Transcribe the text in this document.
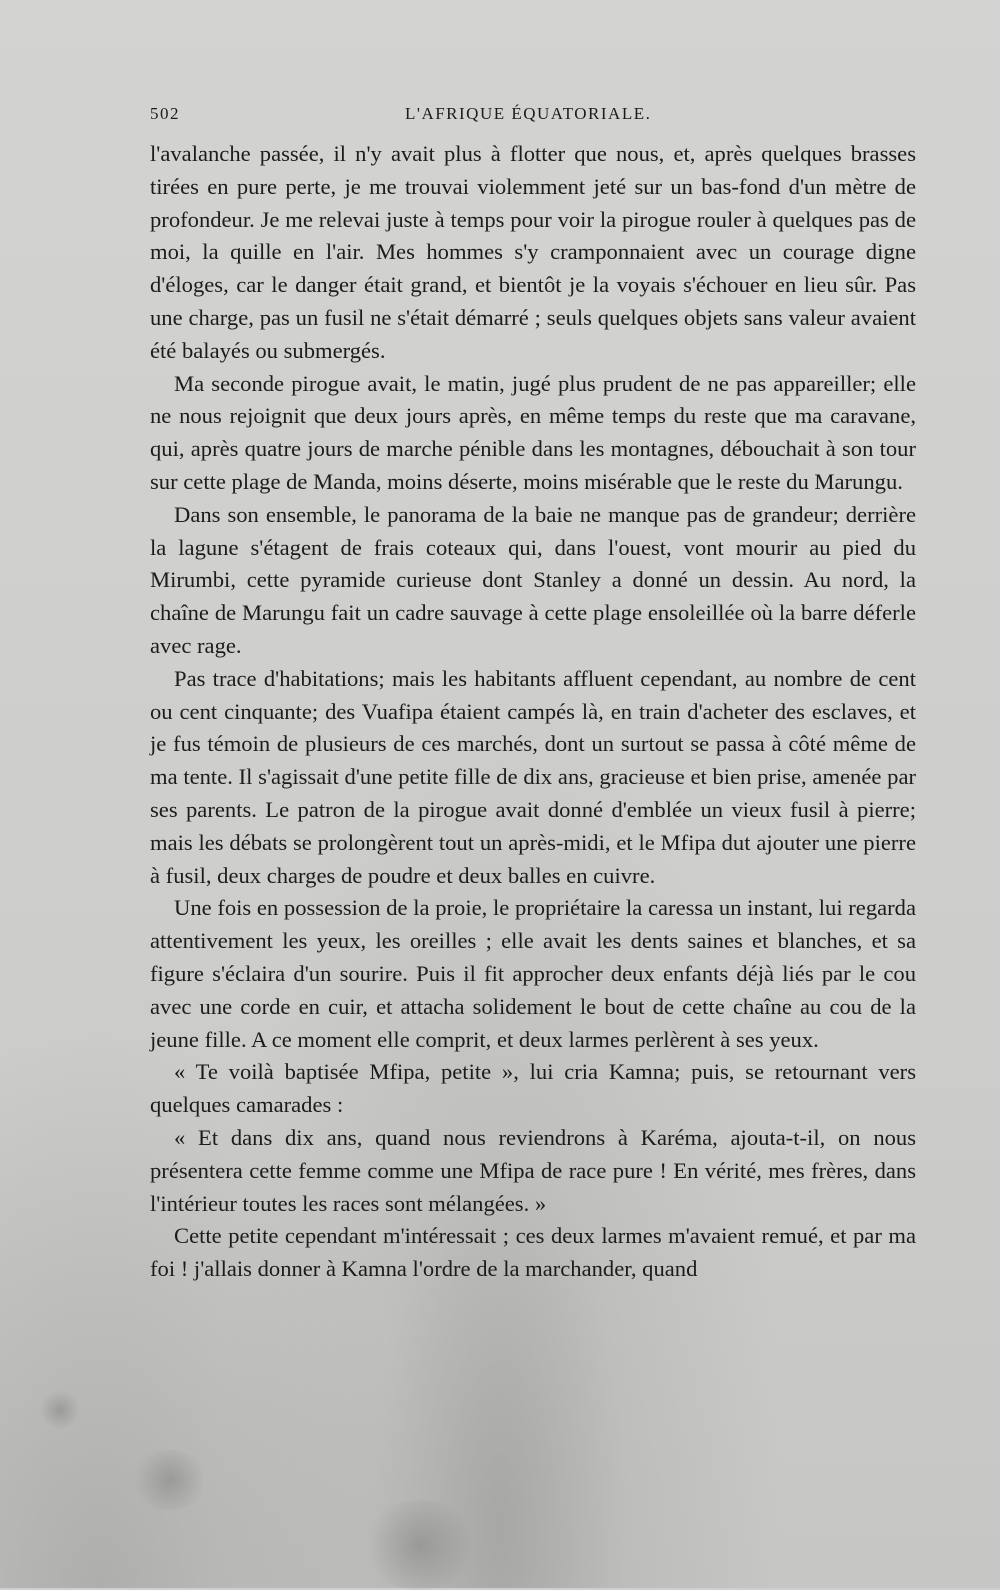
502	L'AFRIQUE ÉQUATORIALE.

l'avalanche passée, il n'y avait plus à flotter que nous, et, après quelques brasses tirées en pure perte, je me trouvai violemment jeté sur un bas-fond d'un mètre de profondeur. Je me relevai juste à temps pour voir la pirogue rouler à quelques pas de moi, la quille en l'air. Mes hommes s'y cramponnaient avec un courage digne d'éloges, car le danger était grand, et bientôt je la voyais s'échouer en lieu sûr. Pas une charge, pas un fusil ne s'était démarré ; seuls quelques objets sans valeur avaient été balayés ou submergés.

Ma seconde pirogue avait, le matin, jugé plus prudent de ne pas appareiller; elle ne nous rejoignit que deux jours après, en même temps du reste que ma caravane, qui, après quatre jours de marche pénible dans les montagnes, débouchait à son tour sur cette plage de Manda, moins déserte, moins misérable que le reste du Marungu.

Dans son ensemble, le panorama de la baie ne manque pas de grandeur; derrière la lagune s'étagent de frais coteaux qui, dans l'ouest, vont mourir au pied du Mirumbi, cette pyramide curieuse dont Stanley a donné un dessin. Au nord, la chaîne de Marungu fait un cadre sauvage à cette plage ensoleillée où la barre déferle avec rage.

Pas trace d'habitations; mais les habitants affluent cependant, au nombre de cent ou cent cinquante; des Vuafipa étaient campés là, en train d'acheter des esclaves, et je fus témoin de plusieurs de ces marchés, dont un surtout se passa à côté même de ma tente. Il s'agissait d'une petite fille de dix ans, gracieuse et bien prise, amenée par ses parents. Le patron de la pirogue avait donné d'emblée un vieux fusil à pierre; mais les débats se prolongèrent tout un après-midi, et le Mfipa dut ajouter une pierre à fusil, deux charges de poudre et deux balles en cuivre.

Une fois en possession de la proie, le propriétaire la caressa un instant, lui regarda attentivement les yeux, les oreilles ; elle avait les dents saines et blanches, et sa figure s'éclaira d'un sourire. Puis il fit approcher deux enfants déjà liés par le cou avec une corde en cuir, et attacha solidement le bout de cette chaîne au cou de la jeune fille. A ce moment elle comprit, et deux larmes perlèrent à ses yeux.

« Te voilà baptisée Mfipa, petite », lui cria Kamna; puis, se retournant vers quelques camarades :

« Et dans dix ans, quand nous reviendrons à Karéma, ajouta-t-il, on nous présentera cette femme comme une Mfipa de race pure ! En vérité, mes frères, dans l'intérieur toutes les races sont mélangées. »

Cette petite cependant m'intéressait ; ces deux larmes m'avaient remué, et par ma foi ! j'allais donner à Kamna l'ordre de la marchander, quand
